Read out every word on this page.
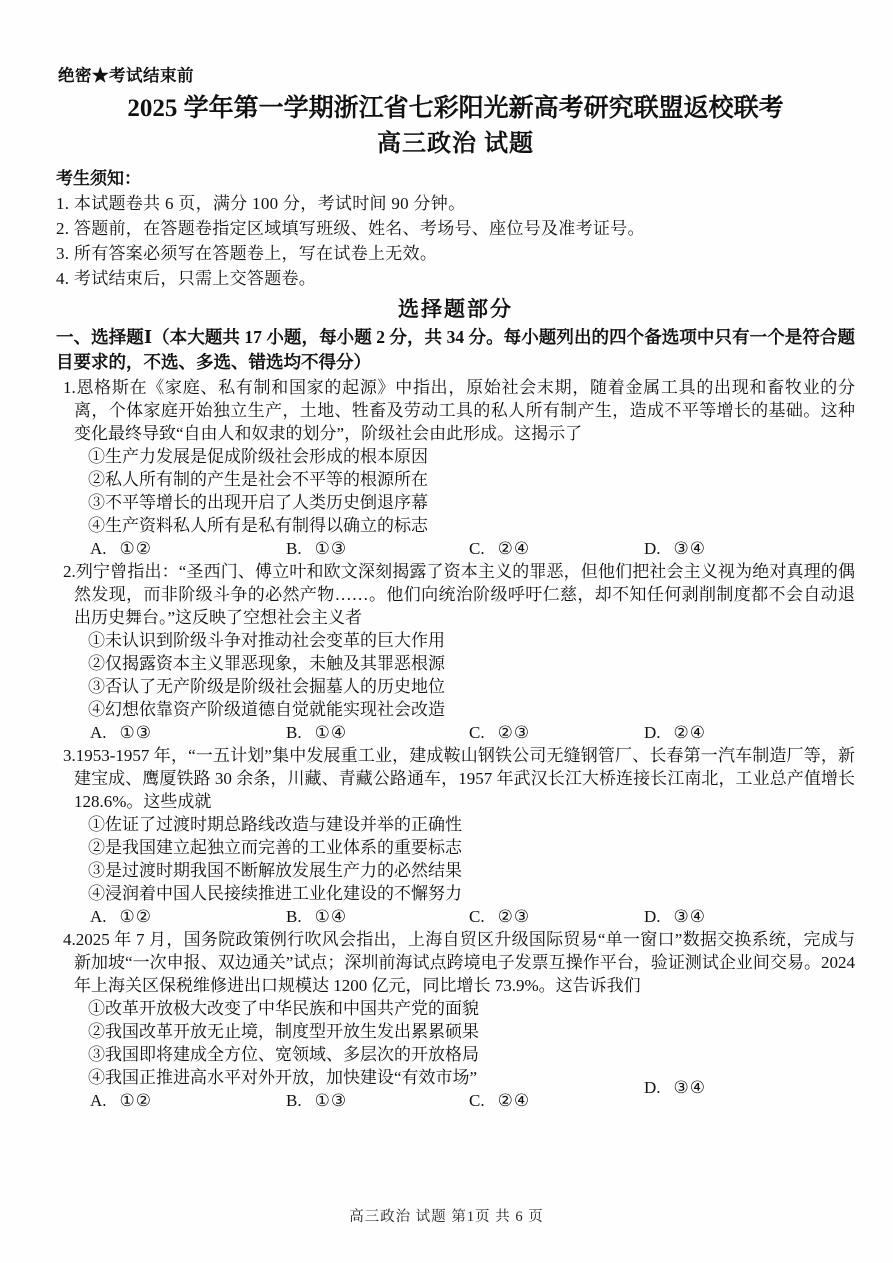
绝密★考试结束前
2025 学年第一学期浙江省七彩阳光新高考研究联盟返校联考
高三政治 试题
考生须知：
1. 本试题卷共 6 页，满分 100 分，考试时间 90 分钟。
2. 答题前，在答题卷指定区域填写班级、姓名、考场号、座位号及准考证号。
3. 所有答案必须写在答题卷上，写在试卷上无效。
4. 考试结束后，只需上交答题卷。
选择题部分
一、选择题Ⅰ（本大题共 17 小题，每小题 2 分，共 34 分。每小题列出的四个备选项中只有一个是符合题目要求的，不选、多选、错选均不得分）

1.恩格斯在《家庭、私有制和国家的起源》中指出，原始社会末期，随着金属工具的出现和畜牧业的分离，个体家庭开始独立生产，土地、牲畜及劳动工具的私人所有制产生，造成不平等增长的基础。这种变化最终导致“自由人和奴隶的划分”，阶级社会由此形成。这揭示了

①生产力发展是促成阶级社会形成的根本原因
②私人所有制的产生是社会不平等的根源所在
③不平等增长的出现开启了人类历史倒退序幕
④生产资料私人所有是私有制得以确立的标志
A. ①②	B. ①③	C. ②④	D. ③④

2.列宁曾指出：“圣西门、傅立叶和欧文深刻揭露了资本主义的罪恶，但他们把社会主义视为绝对真理的偶然发现，而非阶级斗争的必然产物……。他们向统治阶级呼吁仁慈，却不知任何剥削制度都不会自动退出历史舞台。”这反映了空想社会主义者

①未认识到阶级斗争对推动社会变革的巨大作用
②仅揭露资本主义罪恶现象，未触及其罪恶根源
③否认了无产阶级是阶级社会掘墓人的历史地位
④幻想依靠资产阶级道德自觉就能实现社会改造
A. ①③	B. ①④	C. ②③	D. ②④

3.1953-1957 年，“一五计划”集中发展重工业，建成鞍山钢铁公司无缝钢管厂、长春第一汽车制造厂等，新建宝成、鹰厦铁路 30 余条，川藏、青藏公路通车，1957 年武汉长江大桥连接长江南北，工业总产值增长 128.6%。这些成就

①佐证了过渡时期总路线改造与建设并举的正确性
②是我国建立起独立而完善的工业体系的重要标志
③是过渡时期我国不断解放发展生产力的必然结果
④浸润着中国人民接续推进工业化建设的不懈努力
A. ①②	B. ①④	C. ②③	D. ③④

4.2025 年 7 月，国务院政策例行吹风会指出，上海自贸区升级国际贸易“单一窗口”数据交换系统，完成与新加坡“一次申报、双边通关”试点；深圳前海试点跨境电子发票互操作平台，验证测试企业间交易。2024 年上海关区保税维修进出口规模达 1200 亿元，同比增长 73.9%。这告诉我们

①改革开放极大改变了中华民族和中国共产党的面貌
②我国改革开放无止境，制度型开放生发出累累硕果
③我国即将建成全方位、宽领域、多层次的开放格局
④我国正推进高水平对外开放，加快建设“有效市场”
A. ①②	B. ①③	C. ②④
D. ③④
高三政治 试题 第1页 共 6 页
